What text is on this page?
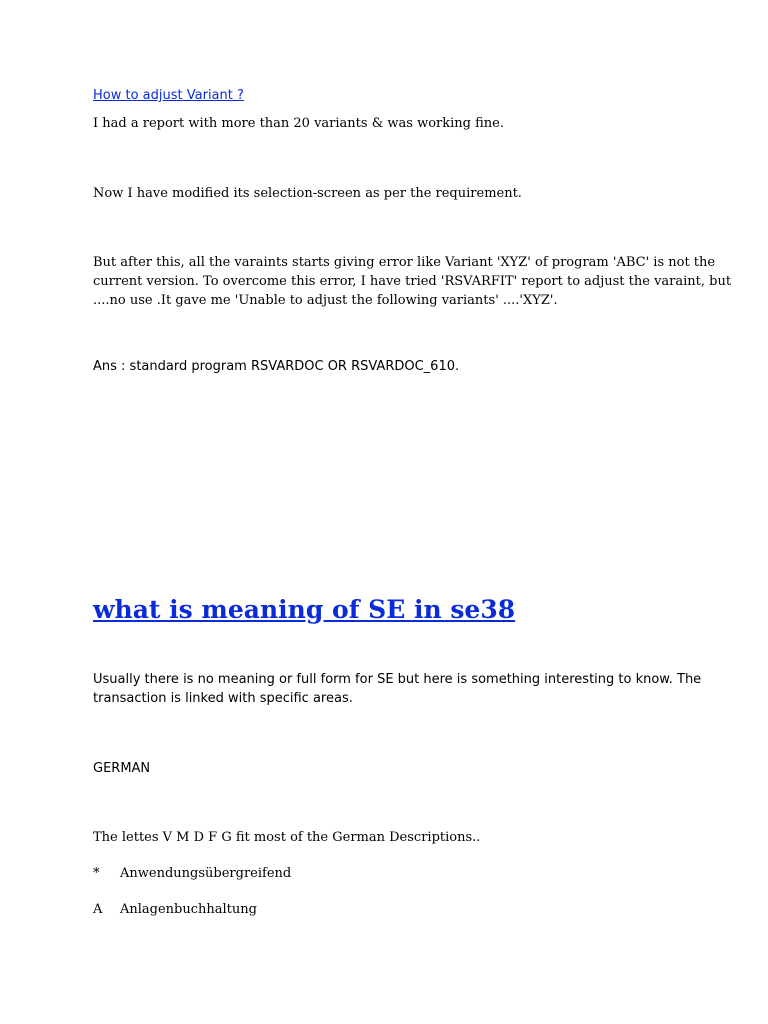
How to adjust Variant ?

I had a report with more than 20 variants & was working fine.

Now I have modified its selection-screen as per the requirement.

But after this, all the varaints starts giving error like Variant 'XYZ' of program 'ABC' is not the

current version. To overcome this error, I have tried 'RSVARFIT' report to adjust the varaint, but

....no use .It gave me 'Unable to adjust the following variants' ....'XYZ'.

Ans : standard program RSVARDOC OR RSVARDOC_610.

what is meaning of SE in se38

Usually there is no meaning or full form for SE but here is something interesting to know. The

transaction is linked with specific areas.

GERMAN

The lettes V M D F G fit most of the German Descriptions..

* Anwendungsübergreifend
A Anlagenbuchhaltung
